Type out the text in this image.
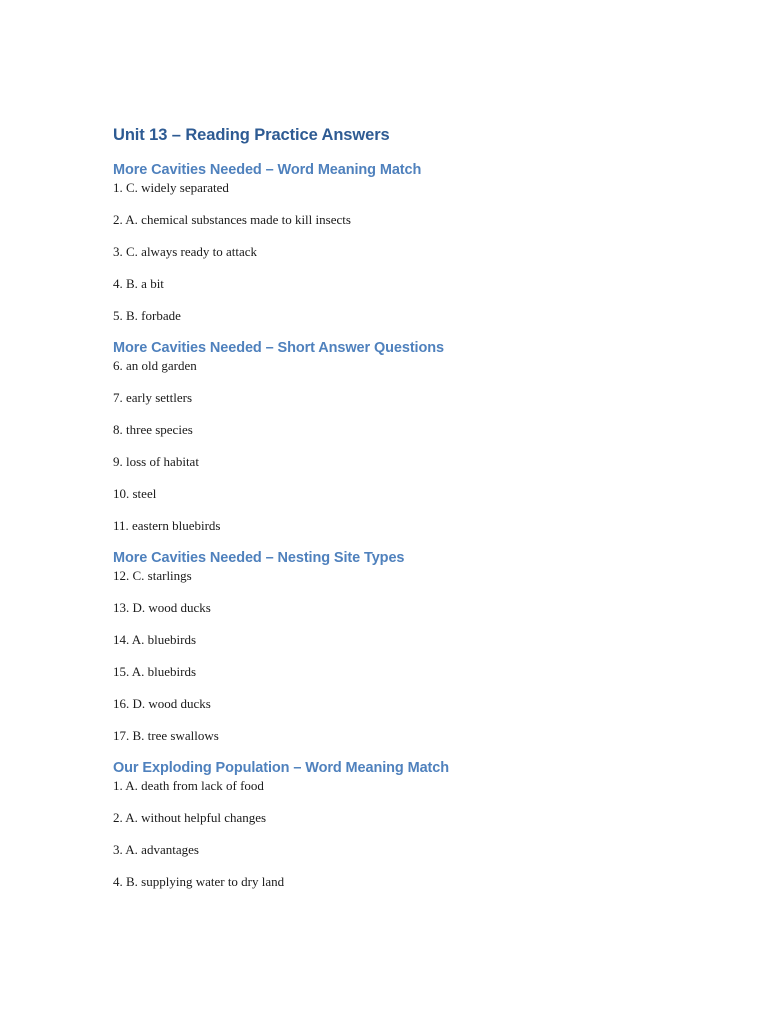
Unit 13 – Reading Practice Answers
More Cavities Needed – Word Meaning Match
1. C. widely separated
2. A. chemical substances made to kill insects
3. C. always ready to attack
4. B. a bit
5. B. forbade
More Cavities Needed – Short Answer Questions
6. an old garden
7. early settlers
8. three species
9. loss of habitat
10. steel
11. eastern bluebirds
More Cavities Needed – Nesting Site Types
12. C. starlings
13. D. wood ducks
14. A. bluebirds
15. A. bluebirds
16. D. wood ducks
17. B. tree swallows
Our Exploding Population – Word Meaning Match
1. A. death from lack of food
2. A. without helpful changes
3. A. advantages
4. B. supplying water to dry land
